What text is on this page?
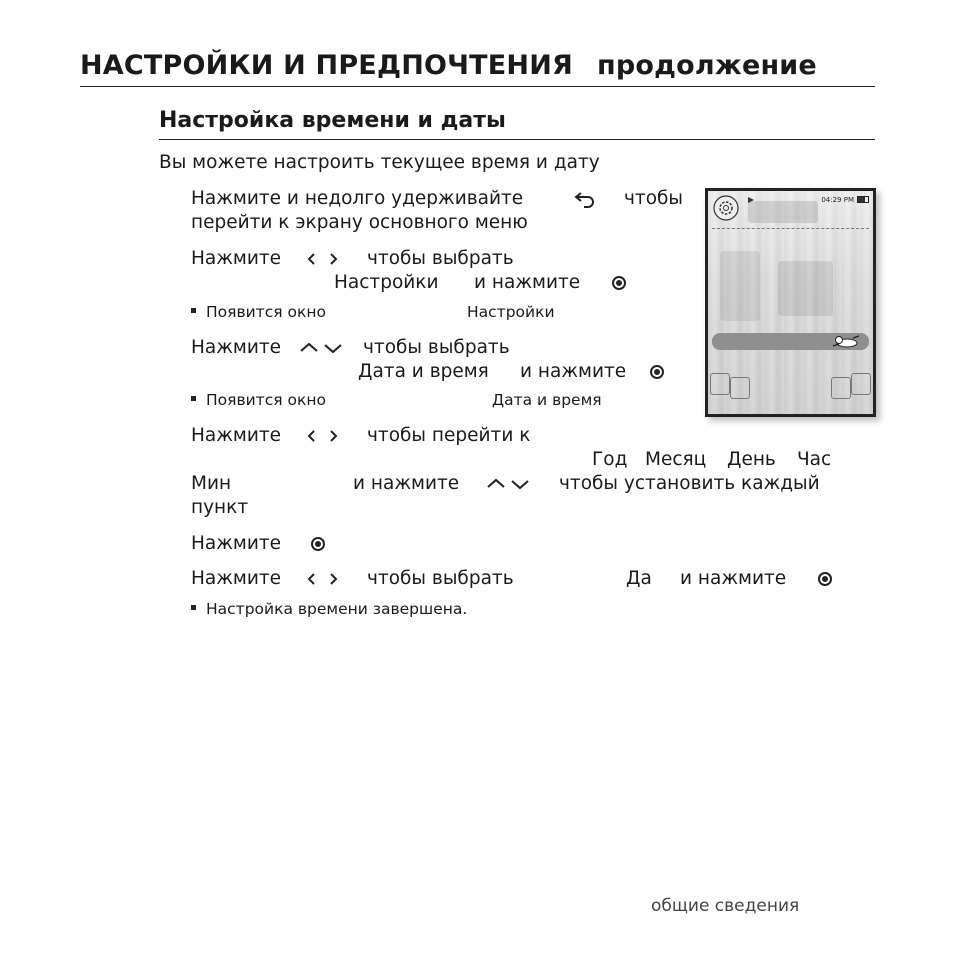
НАСТРОЙКИ И ПРЕДПОЧТЕНИЯ продолжение
Настройка времени и даты
Вы можете настроить текущее время и дату
Нажмите и недолго удерживайте	чтобы
перейти к экрану основного меню
Нажмите	чтобы выбрать
Настройки и нажмите
Появится окно	Настройки
Нажмите	чтобы выбрать
Дата и время и нажмите
Появится окно	Дата и время
Нажмите	чтобы перейти к
Год Месяц День Час
Мин	и нажмите	чтобы установить каждый
пункт
Нажмите
Нажмите	чтобы выбрать	Да и нажмите
Настройка времени завершена.
04:29 PM
общие сведения
